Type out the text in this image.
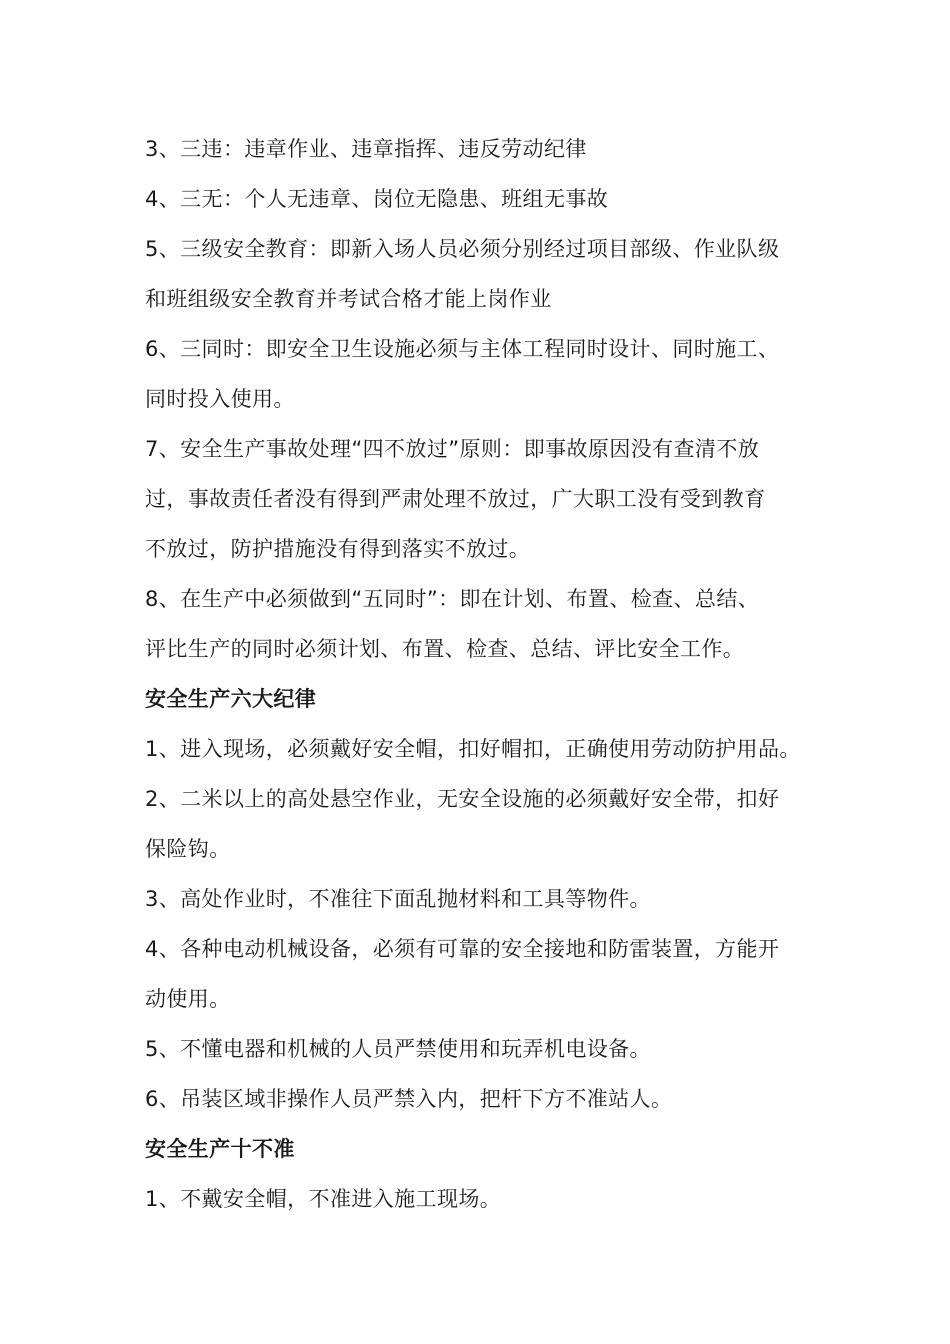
3、三违：违章作业、违章指挥、违反劳动纪律
4、三无：个人无违章、岗位无隐患、班组无事故
5、三级安全教育：即新入场人员必须分别经过项目部级、作业队级
和班组级安全教育并考试合格才能上岗作业
6、三同时：即安全卫生设施必须与主体工程同时设计、同时施工、
同时投入使用。
7、安全生产事故处理“四不放过”原则：即事故原因没有查清不放
过，事故责任者没有得到严肃处理不放过，广大职工没有受到教育
不放过，防护措施没有得到落实不放过。
8、在生产中必须做到“五同时”：即在计划、布置、检查、总结、
评比生产的同时必须计划、布置、检查、总结、评比安全工作。
安全生产六大纪律
1、进入现场，必须戴好安全帽，扣好帽扣，正确使用劳动防护用品。
2、二米以上的高处悬空作业，无安全设施的必须戴好安全带，扣好
保险钩。
3、高处作业时，不准往下面乱抛材料和工具等物件。
4、各种电动机械设备，必须有可靠的安全接地和防雷装置，方能开
动使用。
5、不懂电器和机械的人员严禁使用和玩弄机电设备。
6、吊装区域非操作人员严禁入内，把杆下方不准站人。
安全生产十不准
1、不戴安全帽，不准进入施工现场。
